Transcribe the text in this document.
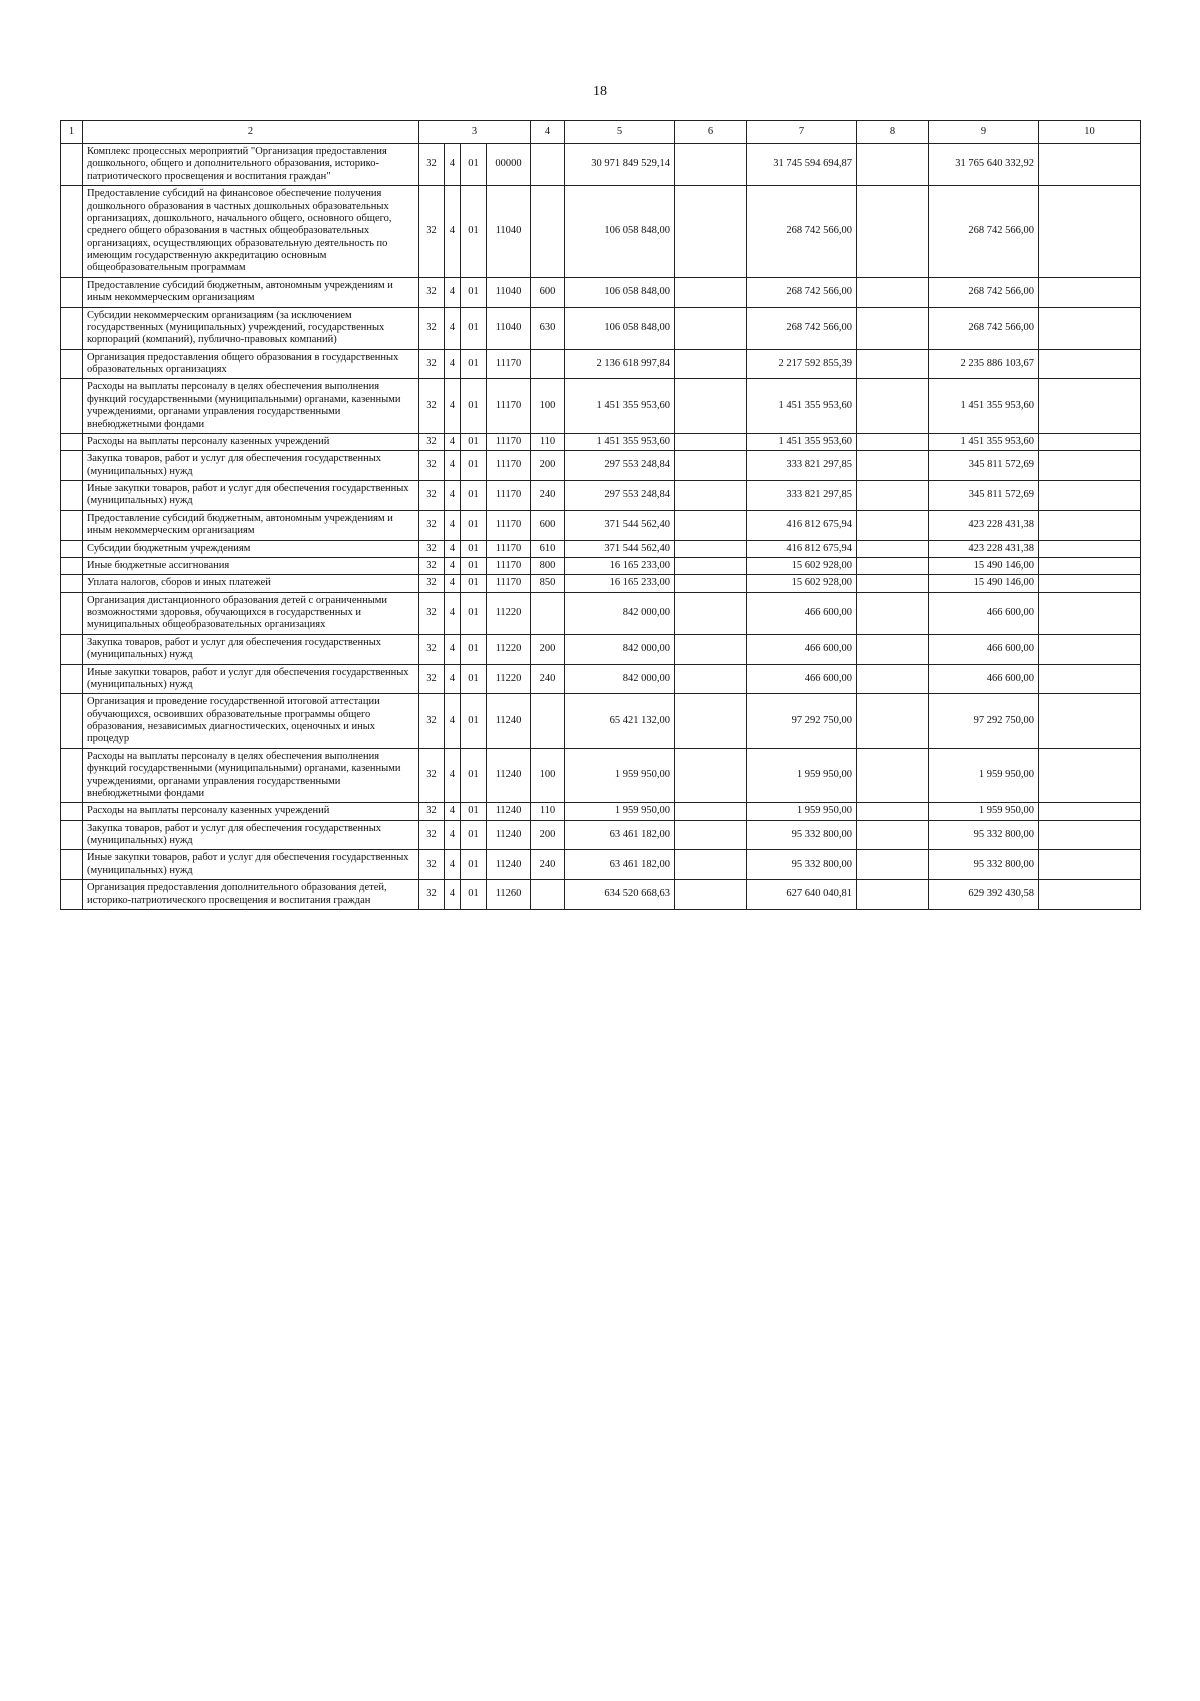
18
1	2	3				4	5	6	7	8	9	10
	Комплекс процессных мероприятий "Организация предоставления дошкольного, общего и дополнительного образования, историко-патриотического просвещения и воспитания граждан"	32	4	01	00000		30 971 849 529,14		31 745 594 694,87		31 765 640 332,92	
	Предоставление субсидий на финансовое обеспечение получения дошкольного образования в частных дошкольных образовательных организациях, дошкольного, начального общего, основного общего, среднего общего образования в частных общеобразовательных организациях, осуществляющих образовательную деятельность по имеющим государственную аккредитацию основным общеобразовательным программам	32	4	01	11040		106 058 848,00		268 742 566,00		268 742 566,00	
	Предоставление субсидий бюджетным, автономным учреждениям и иным некоммерческим организациям	32	4	01	11040	600	106 058 848,00		268 742 566,00		268 742 566,00	
	Субсидии некоммерческим организациям (за исключением государственных (муниципальных) учреждений, государственных корпораций (компаний), публично-правовых компаний)	32	4	01	11040	630	106 058 848,00		268 742 566,00		268 742 566,00	
	Организация предоставления общего образования в государственных образовательных организациях	32	4	01	11170		2 136 618 997,84		2 217 592 855,39		2 235 886 103,67	
	Расходы на выплаты персоналу в целях обеспечения выполнения функций государственными (муниципальными) органами, казенными учреждениями, органами управления государственными внебюджетными фондами	32	4	01	11170	100	1 451 355 953,60		1 451 355 953,60		1 451 355 953,60	
	Расходы на выплаты персоналу казенных учреждений	32	4	01	11170	110	1 451 355 953,60		1 451 355 953,60		1 451 355 953,60	
	Закупка товаров, работ и услуг для обеспечения государственных (муниципальных) нужд	32	4	01	11170	200	297 553 248,84		333 821 297,85		345 811 572,69	
	Иные закупки товаров, работ и услуг для обеспечения государственных (муниципальных) нужд	32	4	01	11170	240	297 553 248,84		333 821 297,85		345 811 572,69	
	Предоставление субсидий бюджетным, автономным учреждениям и иным некоммерческим организациям	32	4	01	11170	600	371 544 562,40		416 812 675,94		423 228 431,38	
	Субсидии бюджетным учреждениям	32	4	01	11170	610	371 544 562,40		416 812 675,94		423 228 431,38	
	Иные бюджетные ассигнования	32	4	01	11170	800	16 165 233,00		15 602 928,00		15 490 146,00	
	Уплата налогов, сборов и иных платежей	32	4	01	11170	850	16 165 233,00		15 602 928,00		15 490 146,00	
	Организация дистанционного образования детей с ограниченными возможностями здоровья, обучающихся в государственных и муниципальных общеобразовательных организациях	32	4	01	11220		842 000,00		466 600,00		466 600,00	
	Закупка товаров, работ и услуг для обеспечения государственных (муниципальных) нужд	32	4	01	11220	200	842 000,00		466 600,00		466 600,00	
	Иные закупки товаров, работ и услуг для обеспечения государственных (муниципальных) нужд	32	4	01	11220	240	842 000,00		466 600,00		466 600,00	
	Организация и проведение государственной итоговой аттестации обучающихся, освоивших образовательные программы общего образования, независимых диагностических, оценочных и иных процедур	32	4	01	11240		65 421 132,00		97 292 750,00		97 292 750,00	
	Расходы на выплаты персоналу в целях обеспечения выполнения функций государственными (муниципальными) органами, казенными учреждениями, органами управления государственными внебюджетными фондами	32	4	01	11240	100	1 959 950,00		1 959 950,00		1 959 950,00	
	Расходы на выплаты персоналу казенных учреждений	32	4	01	11240	110	1 959 950,00		1 959 950,00		1 959 950,00	
	Закупка товаров, работ и услуг для обеспечения государственных (муниципальных) нужд	32	4	01	11240	200	63 461 182,00		95 332 800,00		95 332 800,00	
	Иные закупки товаров, работ и услуг для обеспечения государственных (муниципальных) нужд	32	4	01	11240	240	63 461 182,00		95 332 800,00		95 332 800,00	
	Организация предоставления дополнительного образования детей, историко-патриотического просвещения и воспитания граждан	32	4	01	11260		634 520 668,63		627 640 040,81		629 392 430,58	
